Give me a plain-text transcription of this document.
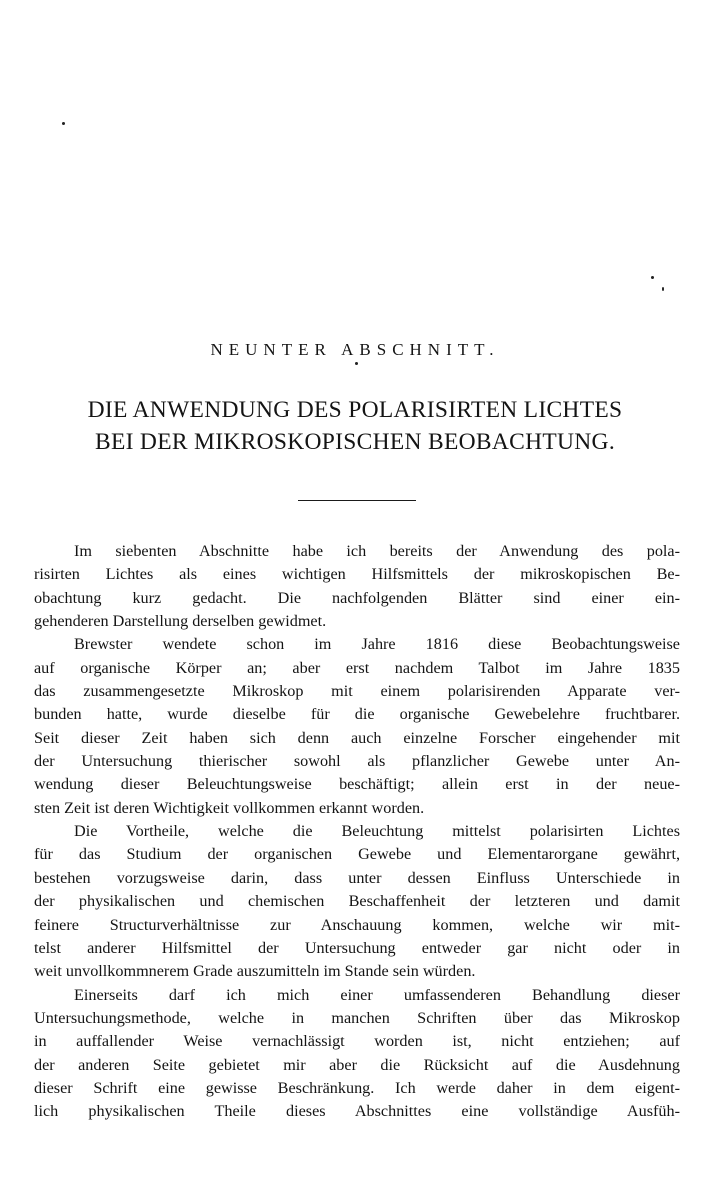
NEUNTER ABSCHNITT.
DIE ANWENDUNG DES POLARISIRTEN LICHTES
BEI DER MIKROSKOPISCHEN BEOBACHTUNG.

Im siebenten Abschnitte habe ich bereits der Anwendung des pola-
risirten Lichtes als eines wichtigen Hilfsmittels der mikroskopischen Be-
obachtung kurz gedacht. Die nachfolgenden Blätter sind einer ein-
gehenderen Darstellung derselben gewidmet.

Brewster wendete schon im Jahre 1816 diese Beobachtungsweise
auf organische Körper an; aber erst nachdem Talbot im Jahre 1835
das zusammengesetzte Mikroskop mit einem polarisirenden Apparate ver-
bunden hatte, wurde dieselbe für die organische Gewebelehre fruchtbarer.
Seit dieser Zeit haben sich denn auch einzelne Forscher eingehender mit
der Untersuchung thierischer sowohl als pflanzlicher Gewebe unter An-
wendung dieser Beleuchtungsweise beschäftigt; allein erst in der neue-
sten Zeit ist deren Wichtigkeit vollkommen erkannt worden.

Die Vortheile, welche die Beleuchtung mittelst polarisirten Lichtes
für das Studium der organischen Gewebe und Elementarorgane gewährt,
bestehen vorzugsweise darin, dass unter dessen Einfluss Unterschiede in
der physikalischen und chemischen Beschaffenheit der letzteren und damit
feinere Structurverhältnisse zur Anschauung kommen, welche wir mit-
telst anderer Hilfsmittel der Untersuchung entweder gar nicht oder in
weit unvollkommnerem Grade auszumitteln im Stande sein würden.

Einerseits darf ich mich einer umfassenderen Behandlung dieser
Untersuchungsmethode, welche in manchen Schriften über das Mikroskop
in auffallender Weise vernachlässigt worden ist, nicht entziehen; auf
der anderen Seite gebietet mir aber die Rücksicht auf die Ausdehnung
dieser Schrift eine gewisse Beschränkung. Ich werde daher in dem eigent-
lich physikalischen Theile dieses Abschnittes eine vollständige Ausfüh-
